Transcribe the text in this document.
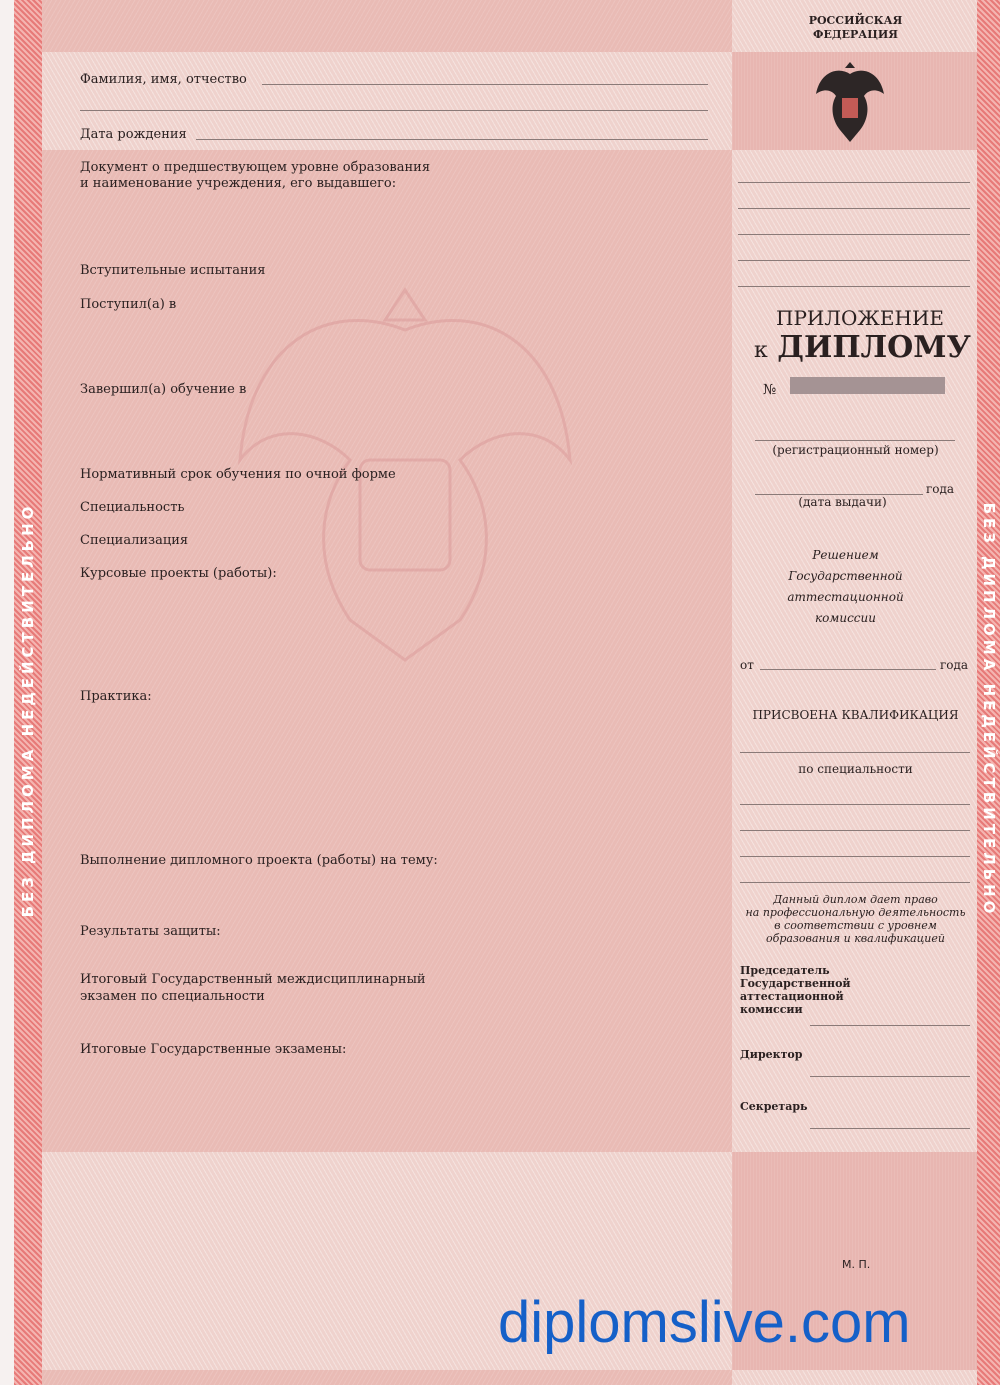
БЕЗ ДИПЛОМА НЕДЕЙСТВИТЕЛЬНО	БЕЗ ДИПЛОМА НЕДЕЙСТВИТЕЛЬНО
Фамилия, имя, отчество
Дата рождения
Документ о предшествующем уровне образования
и наименование учреждения, его выдавшего:
Вступительные испытания
Поступил(а) в
Завершил(а) обучение в
Нормативный срок обучения по очной форме
Специальность
Специализация
Курсовые проекты (работы):
Практика:
Выполнение дипломного проекта (работы) на тему:
Результаты защиты:
Итоговый Государственный междисциплинарный
экзамен по специальности
Итоговые Государственные экзамены:
РОССИЙСКАЯ
ФЕДЕРАЦИЯ
ПРИЛОЖЕНИЕ
к ДИПЛОМУ
№
(регистрационный номер)
года
(дата выдачи)
Решением
Государственной
аттестационной
комиссии
от	года
ПРИСВОЕНА КВАЛИФИКАЦИЯ
по специальности
Данный диплом дает право
на профессиональную деятельность
в соответствии с уровнем
образования и квалификацией
Председатель
Государственной
аттестационной
комиссии
Директор
Секретарь
М. П.
diplomslive.com
